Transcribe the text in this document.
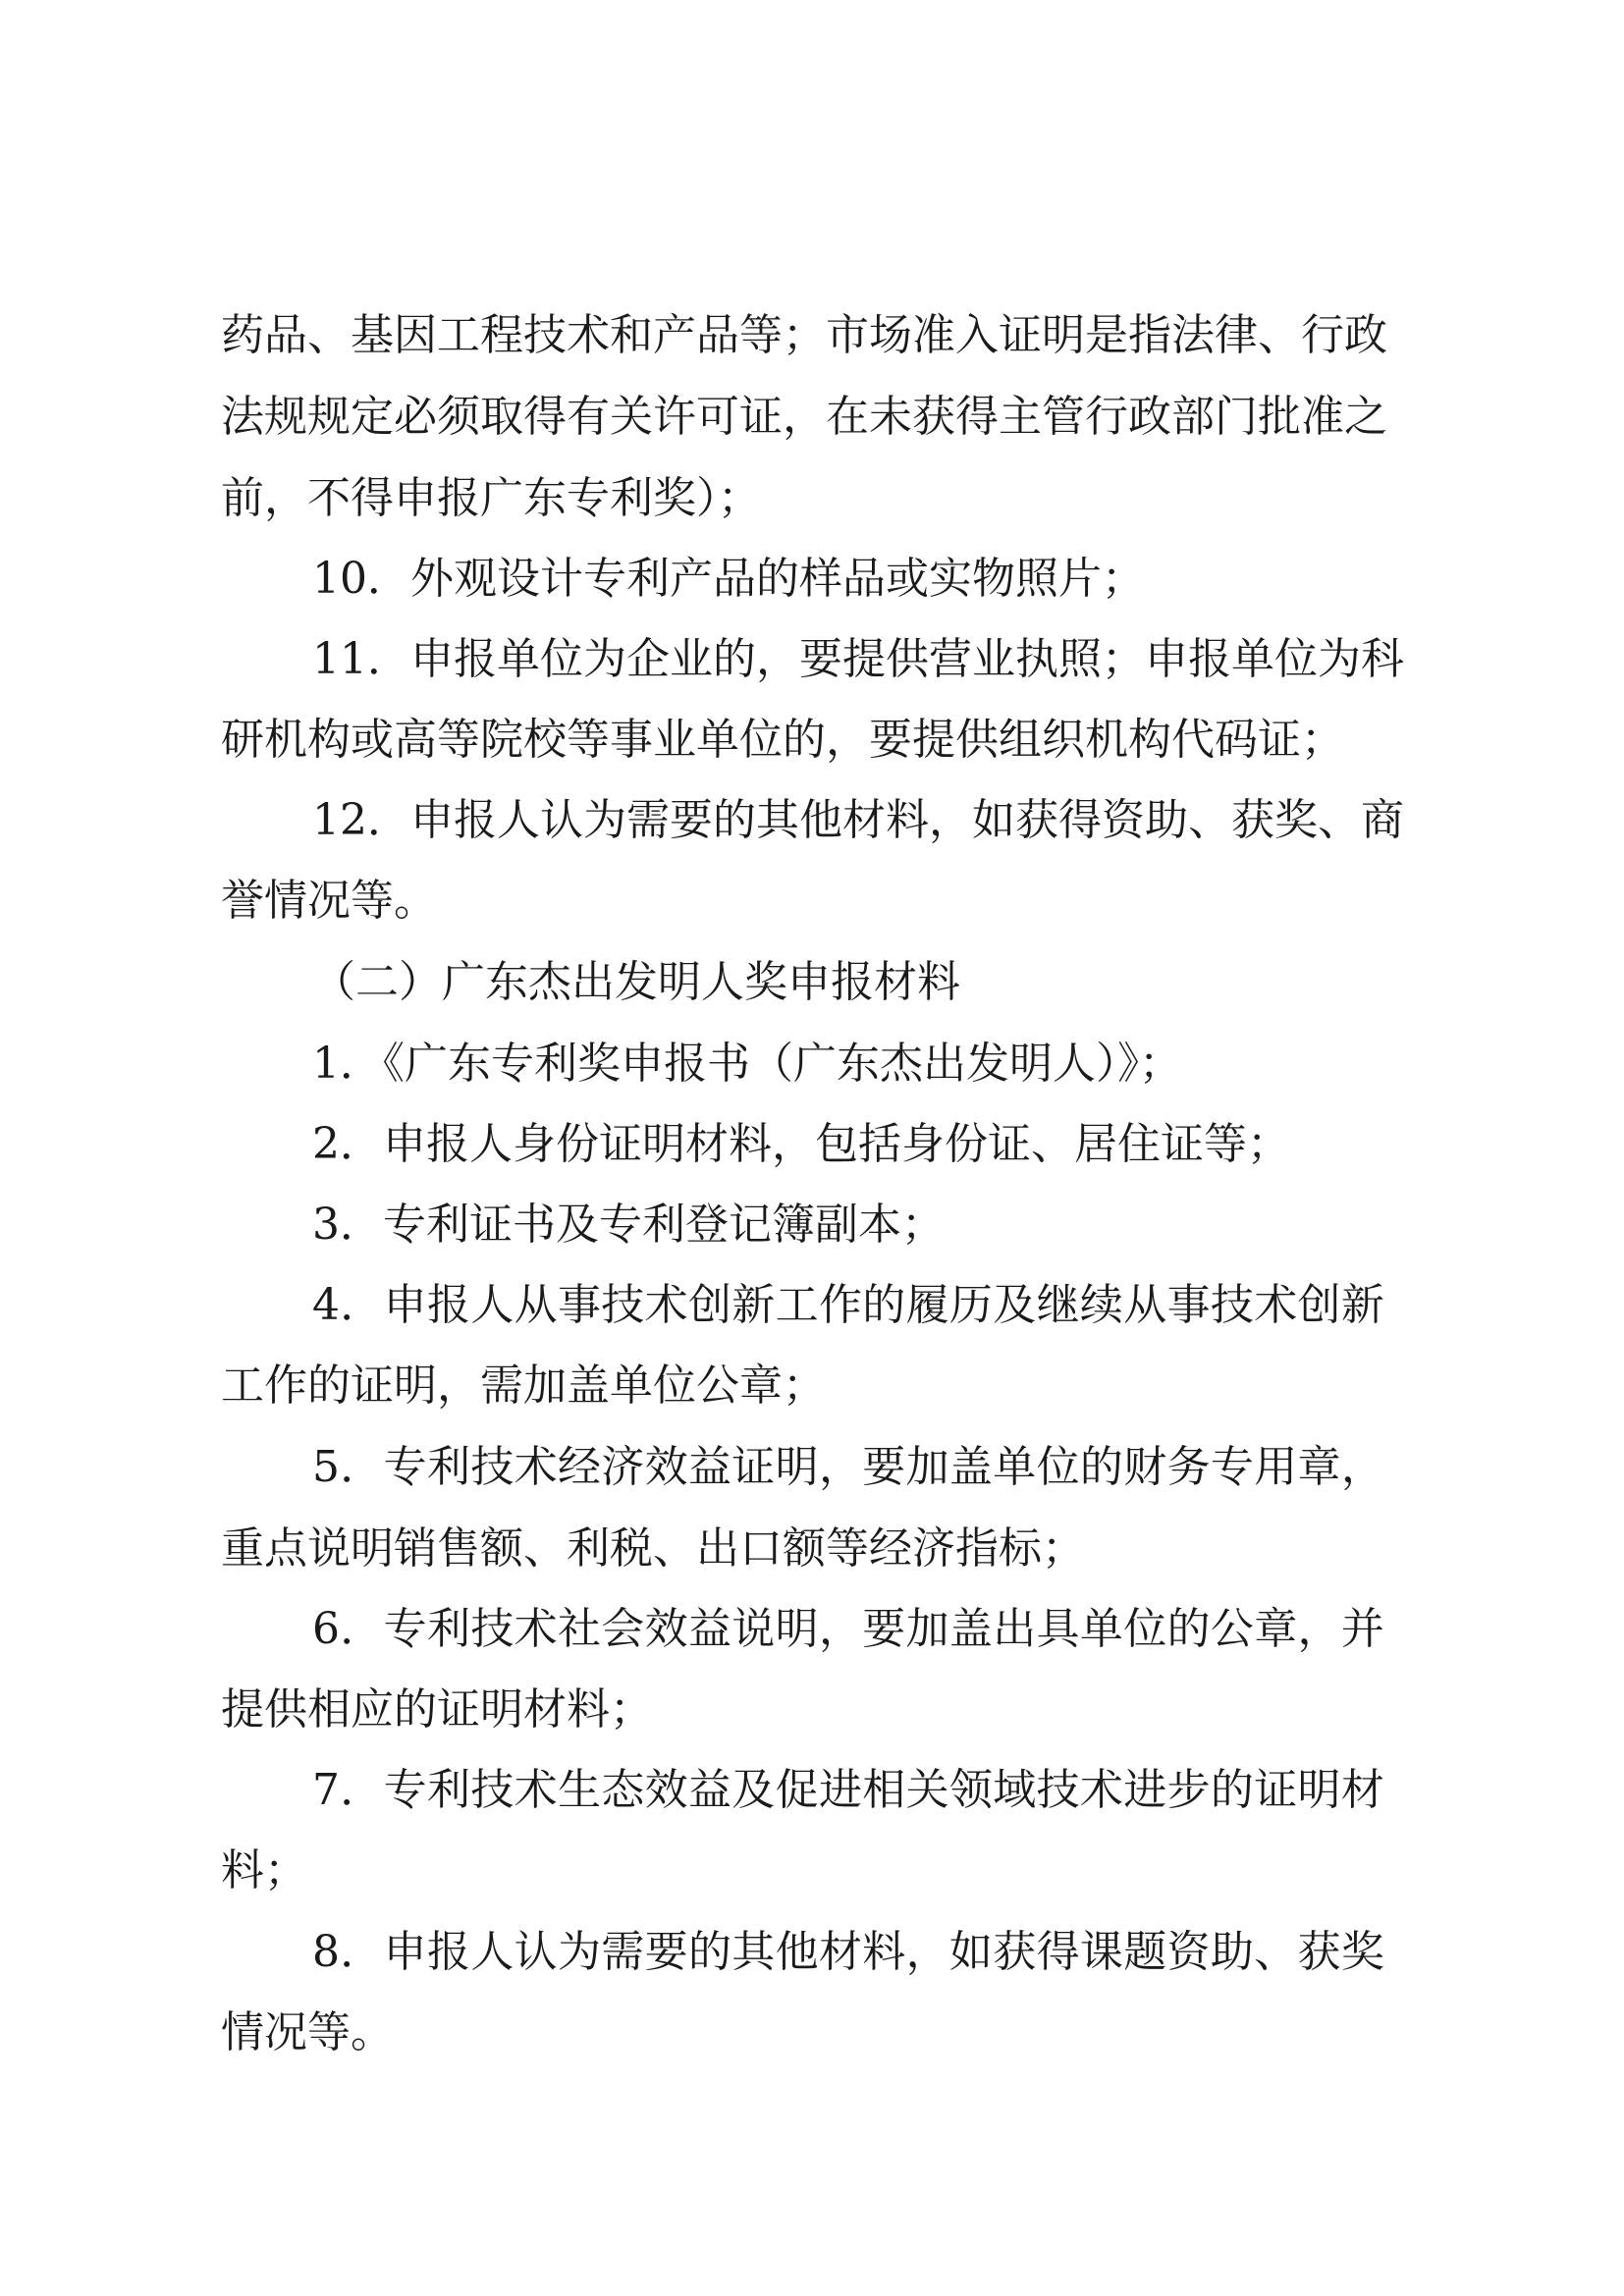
药 品 、 基 因 工 程 技 术 和 产 品 等 ； 市 场 准 入 证 明 是 指 法 律 、 行 政
法 规 规 定 必 须 取 得 有 关 许 可 证 ， 在 未 获 得 主 管 行 政 部 门 批 准 之
前，不得申报广东专利奖）；
10．外观设计专利产品的样品或实物照片；
1 1 ． 申 报 单 位 为 企 业 的 ， 要 提 供 营 业 执 照 ； 申 报 单 位 为 科
研机构或高等院校等事业单位的，要提供组织机构代码证；
1 2 ． 申 报 人 认 为 需 要 的 其 他 材 料 ， 如 获 得 资 助 、 获 奖 、 商
誉情况等。
（二）广东杰出发明人奖申报材料
1．《广东专利奖申报书（广东杰出发明人）》；
2．申报人身份证明材料，包括身份证、居住证等；
3．专利证书及专利登记簿副本；
4 ． 申 报 人 从 事 技 术 创 新 工 作 的 履 历 及 继 续 从 事 技 术 创 新
工作的证明，需加盖单位公章；
5 ． 专 利 技 术 经 济 效 益 证 明 ， 要 加 盖 单 位 的 财 务 专 用 章 ，
重点说明销售额、利税、出口额等经济指标；
6 ． 专 利 技 术 社 会 效 益 说 明 ， 要 加 盖 出 具 单 位 的 公 章 ， 并
提供相应的证明材料；
7 ． 专 利 技 术 生 态 效 益 及 促 进 相 关 领 域 技 术 进 步 的 证 明 材
料；
8 ． 申 报 人 认 为 需 要 的 其 他 材 料 ， 如 获 得 课 题 资 助 、 获 奖
情况等。
